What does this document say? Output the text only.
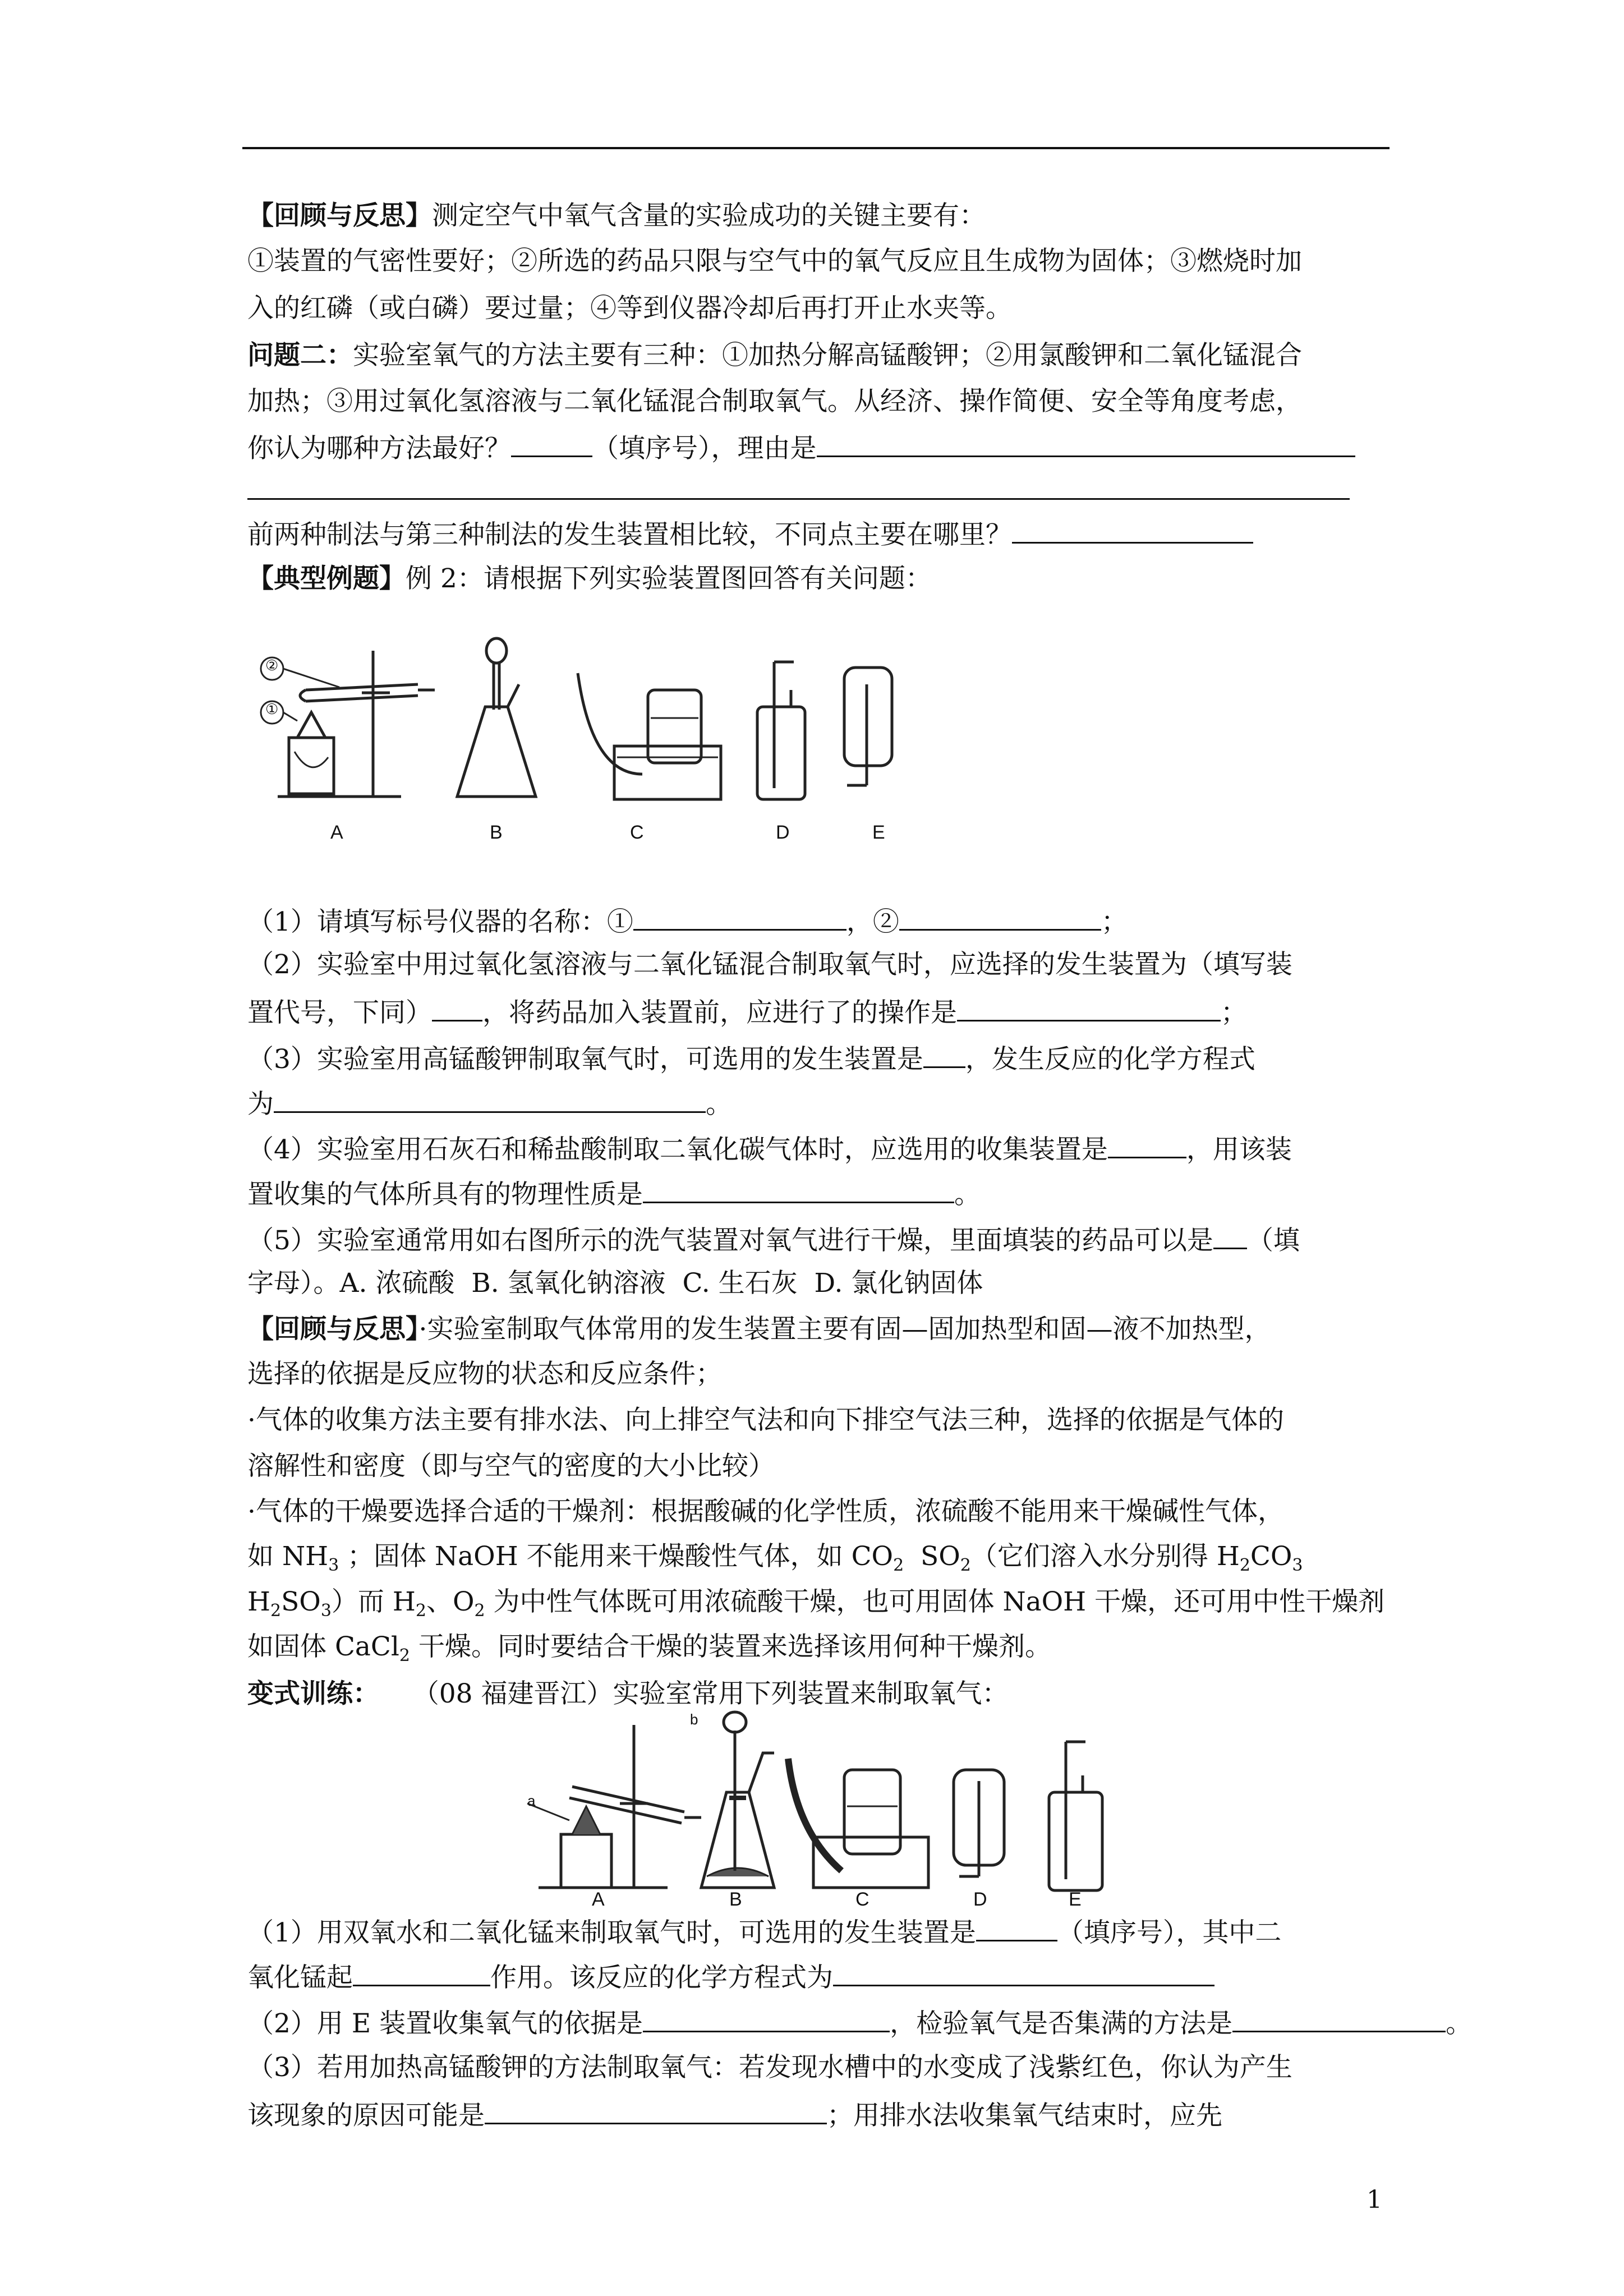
【回顾与反思】测定空气中氧气含量的实验成功的关键主要有：
①装置的气密性要好；②所选的药品只限与空气中的氧气反应且生成物为固体；③燃烧时加
入的红磷（或白磷）要过量；④等到仪器冷却后再打开止水夹等。
问题二：实验室氧气的方法主要有三种：①加热分解高锰酸钾；②用氯酸钾和二氧化锰混合
加热；③用过氧化氢溶液与二氧化锰混合制取氧气。从经济、操作简便、安全等角度考虑，
你认为哪种方法最好？	（填序号），理由是
前两种制法与第三种制法的发生装置相比较，不同点主要在哪里？
【典型例题】例 2：请根据下列实验装置图回答有关问题：
A	B	C	D	E
①
②
（1）请填写标号仪器的名称：①	，②	；
（2）实验室中用过氧化氢溶液与二氧化锰混合制取氧气时，应选择的发生装置为（填写装
置代号，下同） ，将药品加入装置前，应进行了的操作是	；
（3）实验室用高锰酸钾制取氧气时，可选用的发生装置是 ，发生反应的化学方程式
为	。
（4）实验室用石灰石和稀盐酸制取二氧化碳气体时，应选用的收集装置是	，用该装
置收集的气体所具有的物理性质是	。
（5）实验室通常用如右图所示的洗气装置对氧气进行干燥，里面填装的药品可以是 （填
字母）。A. 浓硫酸  B. 氢氧化钠溶液  C. 生石灰  D. 氯化钠固体
【回顾与反思】·实验室制取气体常用的发生装置主要有固—固加热型和固—液不加热型，
选择的依据是反应物的状态和反应条件；
·气体的收集方法主要有排水法、向上排空气法和向下排空气法三种，选择的依据是气体的
溶解性和密度（即与空气的密度的大小比较）
·气体的干燥要选择合适的干燥剂：根据酸碱的化学性质，浓硫酸不能用来干燥碱性气体，
如 $NH_3$ ；固体 NaOH 不能用来干燥酸性气体，如 $CO_2$  $SO_2$（它们溶入水分别得 $H_2CO_3$
$H_2SO_3$）而 $H_2$、$O_2$ 为中性气体既可用浓硫酸干燥，也可用固体 NaOH 干燥，还可用中性干燥剂
如固体 CaCl$_2$ 干燥。同时要结合干燥的装置来选择该用何种干燥剂。
变式训练： （08 福建晋江）实验室常用下列装置来制取氧气：
a
b
A	B	C	D	E
（1）用双氧水和二氧化锰来制取氧气时，可选用的发生装置是	（填序号），其中二
氧化锰起	作用。该反应的化学方程式为
（2）用 E 装置收集氧气的依据是	，检验氧气是否集满的方法是	。
（3）若用加热高锰酸钾的方法制取氧气：若发现水槽中的水变成了浅紫红色，你认为产生
该现象的原因可能是	；用排水法收集氧气结束时，应先
1
